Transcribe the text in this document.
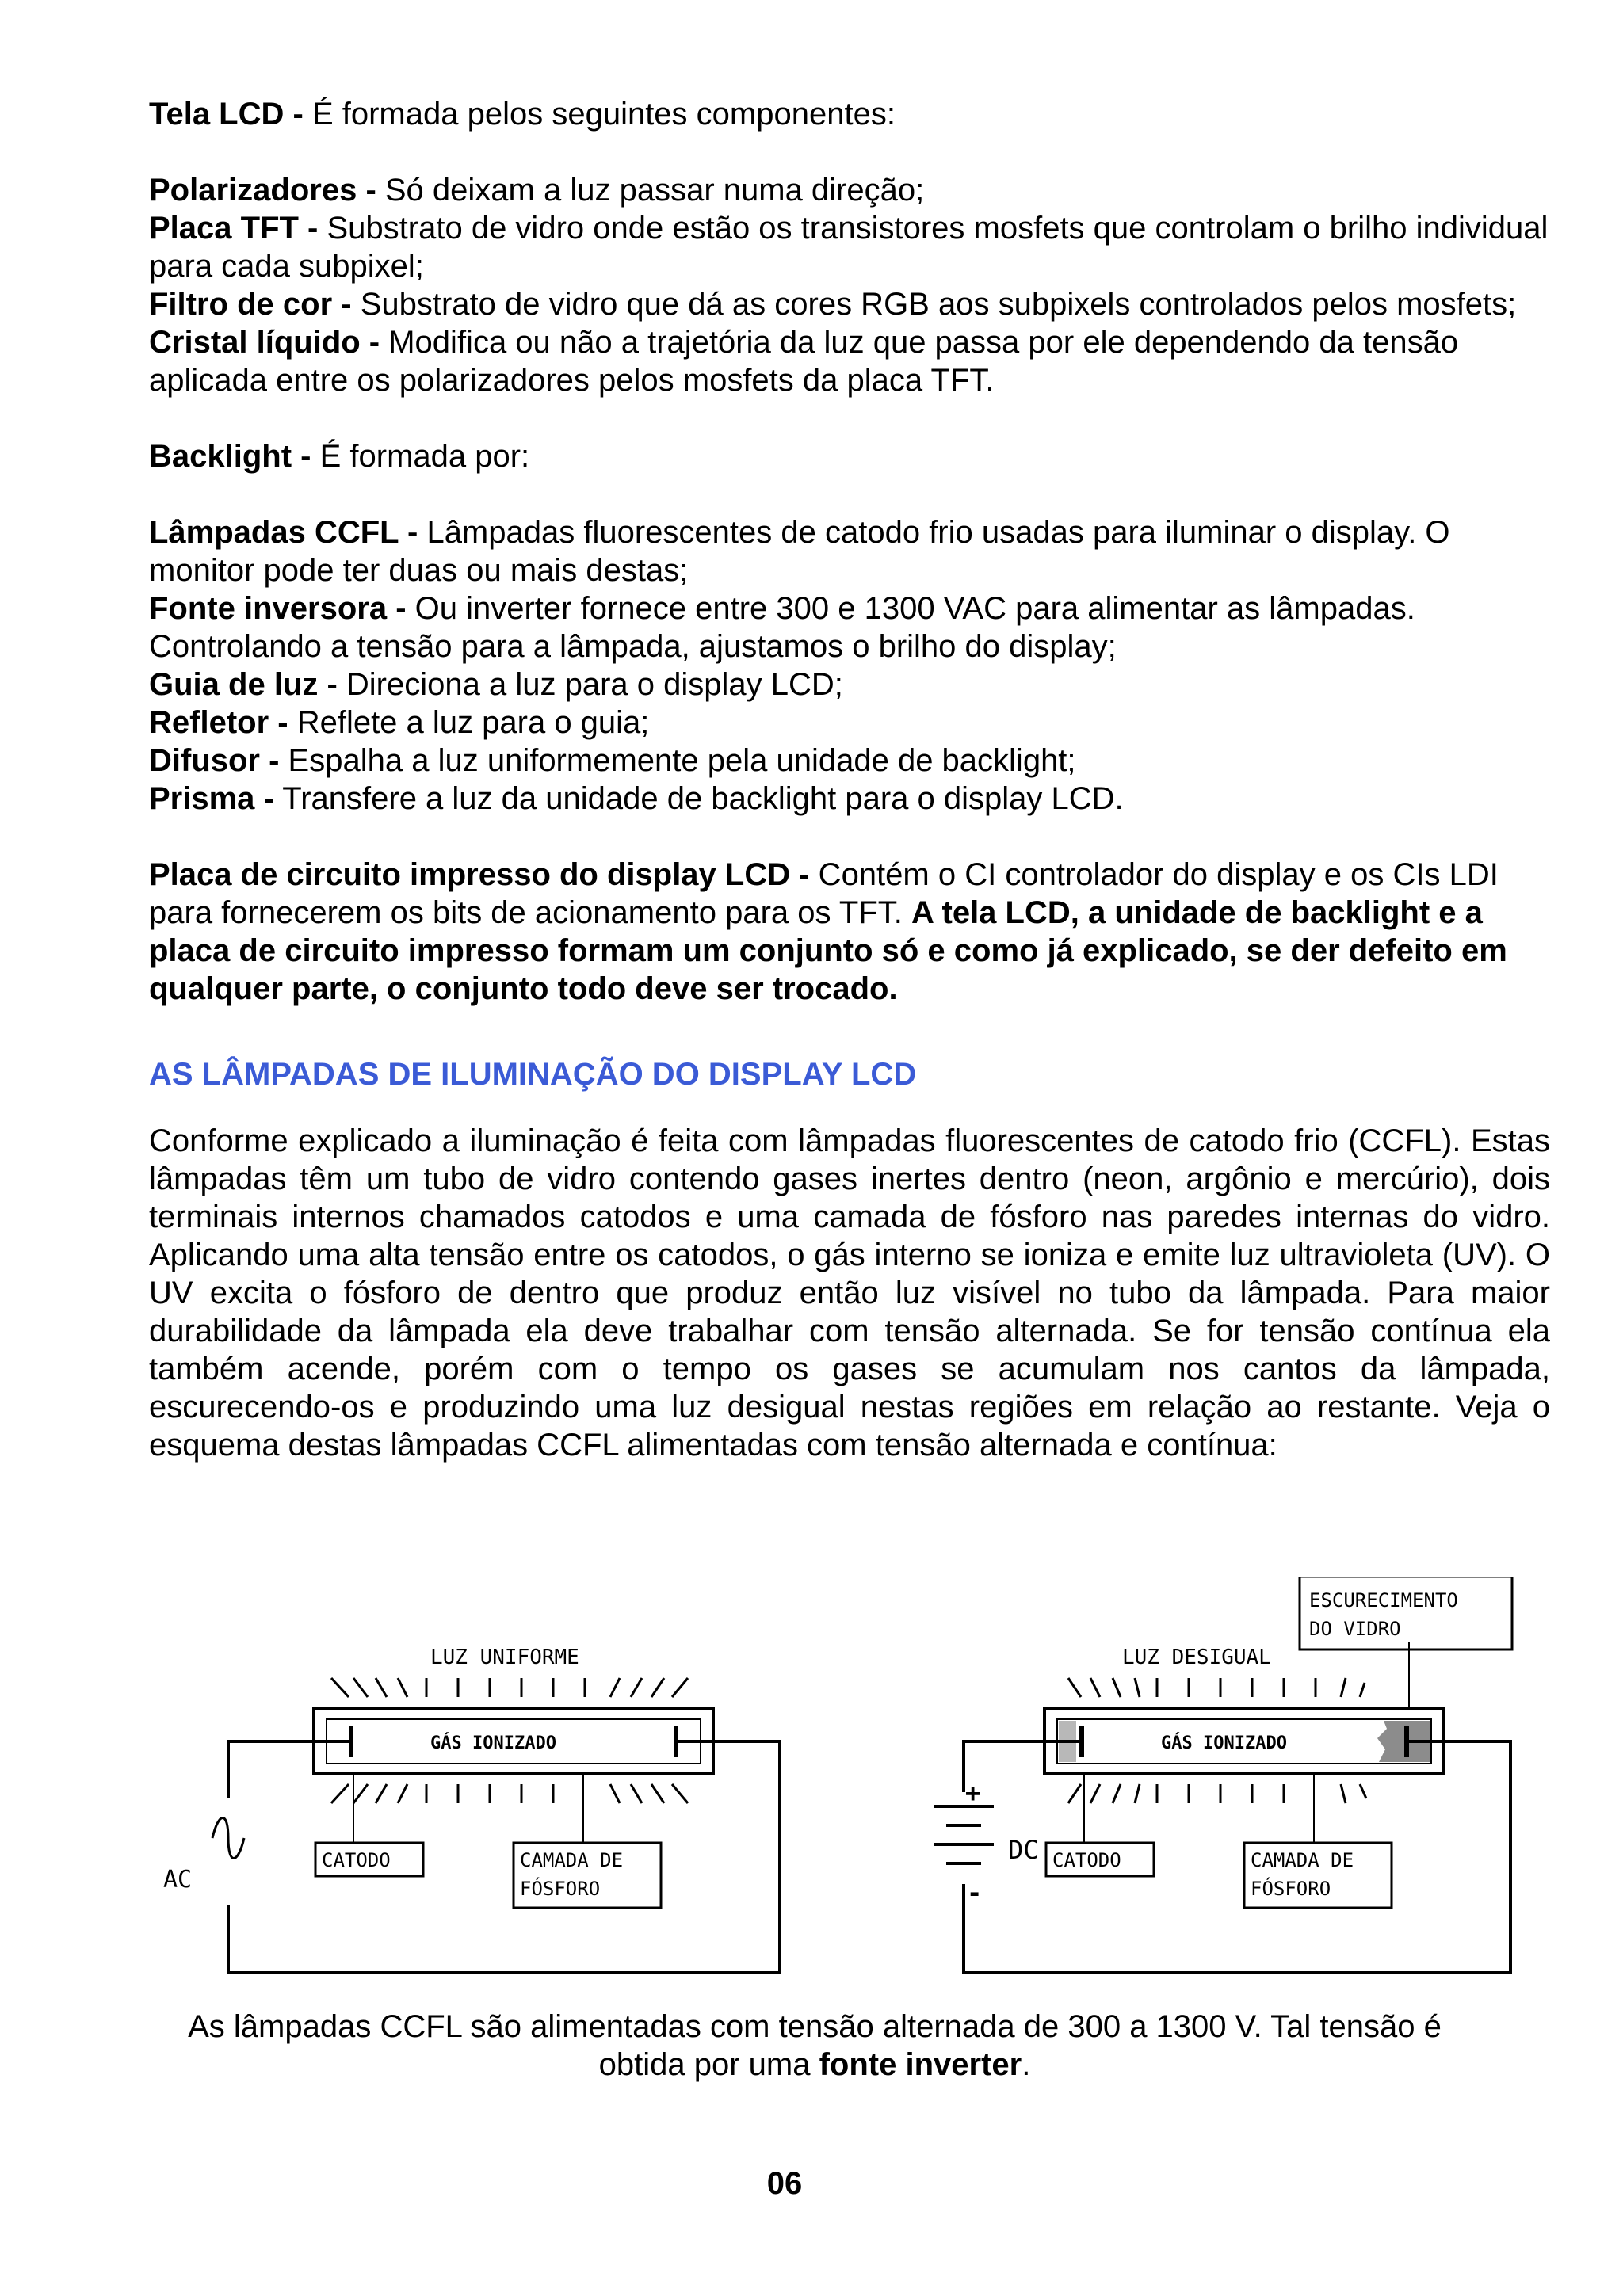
Tela LCD - É formada pelos seguintes componentes:

Polarizadores - Só deixam a luz passar numa direção;

Placa TFT - Substrato de vidro onde estão os transistores mosfets que controlam o brilho individual para cada subpixel;

Filtro de cor - Substrato de vidro que dá as cores RGB aos subpixels controlados pelos mosfets;

Cristal líquido - Modifica ou não a trajetória da luz que passa por ele dependendo da tensão aplicada entre os polarizadores pelos mosfets da placa TFT.

Backlight - É formada por:

Lâmpadas CCFL - Lâmpadas fluorescentes de catodo frio usadas para iluminar o display. O monitor pode ter duas ou mais destas;

Fonte inversora - Ou inverter fornece entre 300 e 1300 VAC para alimentar as lâmpadas. Controlando a tensão para a lâmpada, ajustamos o brilho do display;

Guia de luz - Direciona a luz para o display LCD;

Refletor - Reflete a luz para o guia;

Difusor - Espalha a luz uniformemente pela unidade de backlight;

Prisma - Transfere a luz da unidade de backlight para o display LCD.

Placa de circuito impresso do display LCD - Contém o CI controlador do display e os CIs LDI para fornecerem os bits de acionamento para os TFT. A tela LCD, a unidade de backlight e a placa de circuito impresso formam um conjunto só e como já explicado, se der defeito em qualquer parte, o conjunto todo deve ser trocado.

AS LÂMPADAS DE ILUMINAÇÃO DO DISPLAY LCD

Conforme explicado a iluminação é feita com lâmpadas fluorescentes de catodo frio (CCFL). Estas lâmpadas têm um tubo de vidro contendo gases inertes dentro (neon, argônio e mercúrio), dois terminais internos chamados catodos e uma camada de fósforo nas paredes internas do vidro. Aplicando uma alta tensão entre os catodos, o gás interno se ioniza e emite luz ultravioleta (UV). O UV excita o fósforo de dentro que produz então luz visível no tubo da lâmpada. Para maior durabilidade da lâmpada ela deve trabalhar com tensão alternada. Se for tensão contínua ela também acende, porém com o tempo os gases se acumulam nos cantos da lâmpada, escurecendo-os e produzindo uma luz desigual nestas regiões em relação ao restante. Veja o esquema destas lâmpadas CCFL alimentadas com tensão alternada e contínua:

LUZ UNIFORME
GÁS IONIZADO
CATODO	CAMADA DE
FÓSFORO
AC
LUZ DESIGUAL
GÁS IONIZADO
CATODO	CAMADA DE
FÓSFORO
DC
+
-
ESCURECIMENTO
DO VIDRO
As lâmpadas CCFL são alimentadas com tensão alternada de 300 a 1300 V. Tal tensão é obtida por uma fonte inverter.
06
